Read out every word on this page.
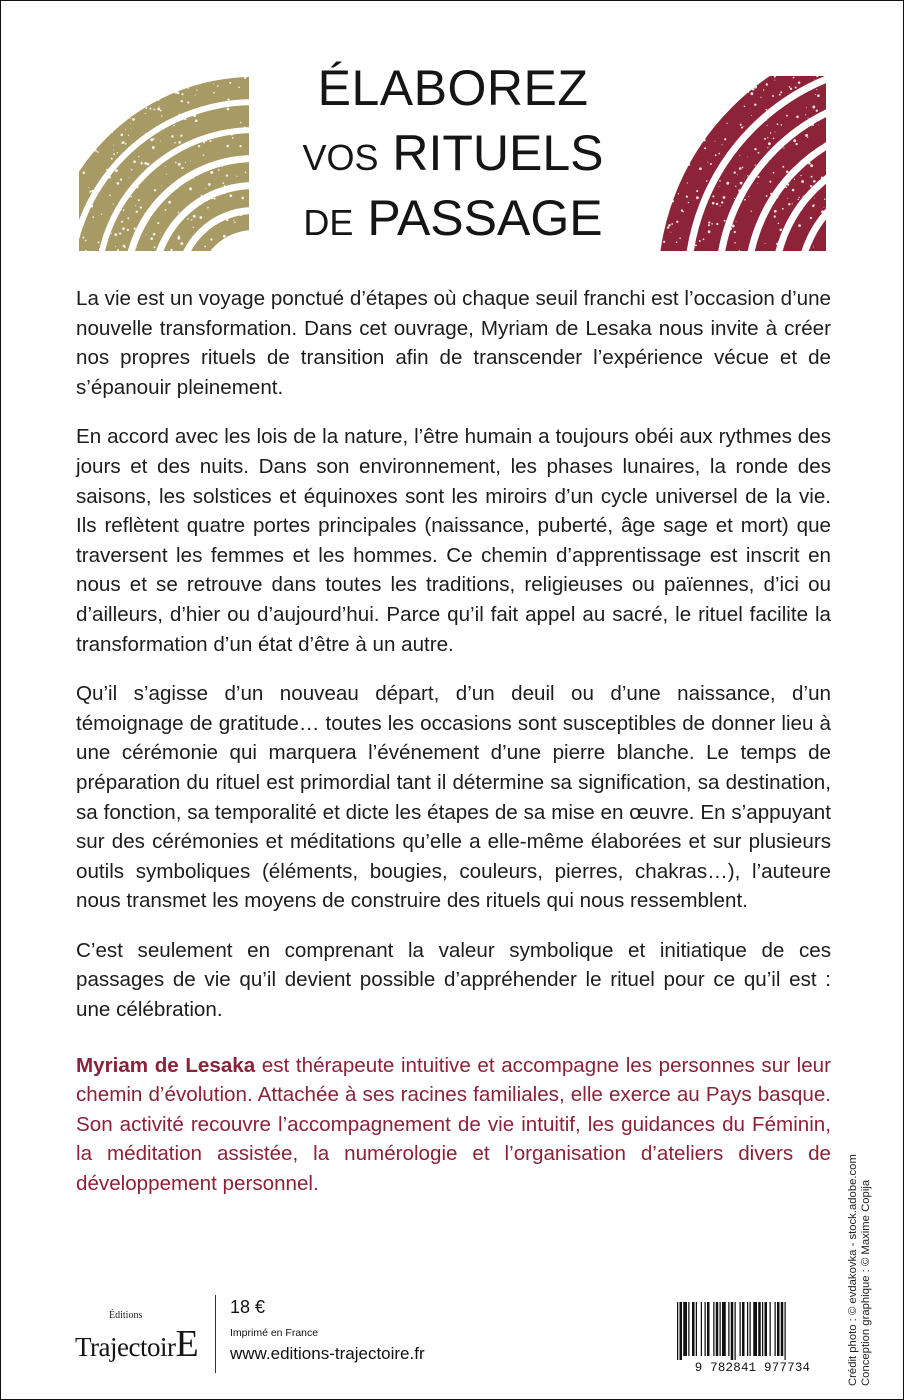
ÉLABOREZ
VOS RITUELS
DE PASSAGE

La vie est un voyage ponctué d’étapes où chaque seuil franchi est l’occasion d’une nouvelle transformation. Dans cet ouvrage, Myriam de Lesaka nous invite à créer nos propres rituels de transition afin de transcender l’expérience vécue et de s’épanouir pleinement.

En accord avec les lois de la nature, l’être humain a toujours obéi aux rythmes des jours et des nuits. Dans son environnement, les phases lunaires, la ronde des saisons, les solstices et équinoxes sont les miroirs d’un cycle universel de la vie. Ils reflètent quatre portes principales (naissance, puberté, âge sage et mort) que traversent les femmes et les hommes. Ce chemin d’apprentissage est inscrit en nous et se retrouve dans toutes les traditions, religieuses ou païennes, d’ici ou d’ailleurs, d’hier ou d’aujourd’hui. Parce qu’il fait appel au sacré, le rituel facilite la transformation d’un état d’être à un autre.

Qu’il s’agisse d’un nouveau départ, d’un deuil ou d’une naissance, d’un témoignage de gratitude… toutes les occasions sont susceptibles de donner lieu à une cérémonie qui marquera l’événement d’une pierre blanche. Le temps de préparation du rituel est primordial tant il détermine sa signification, sa destination, sa fonction, sa temporalité et dicte les étapes de sa mise en œuvre. En s’appuyant sur des cérémonies et méditations qu’elle a elle-même élaborées et sur plusieurs outils symboliques (éléments, bougies, couleurs, pierres, chakras…), l’auteure nous transmet les moyens de construire des rituels qui nous ressemblent.

C’est seulement en comprenant la valeur symbolique et initiatique de ces passages de vie qu’il devient possible d’appréhender le rituel pour ce qu’il est : une célébration.

Myriam de Lesaka est thérapeute intuitive et accompagne les personnes sur leur chemin d’évolution. Attachée à ses racines familiales, elle exerce au Pays basque. Son activité recouvre l’accompagnement de vie intuitif, les guidances du Féminin, la méditation assistée, la numérologie et l’organisation d’ateliers divers de développement personnel.

Éditions
TrajectoirE
18 €
Imprimé en France
www.editions-trajectoire.fr
9 782841 977734	Crédit photo : © evdakovka - stock.adobe.com Conception graphique : © Maxime Copija
